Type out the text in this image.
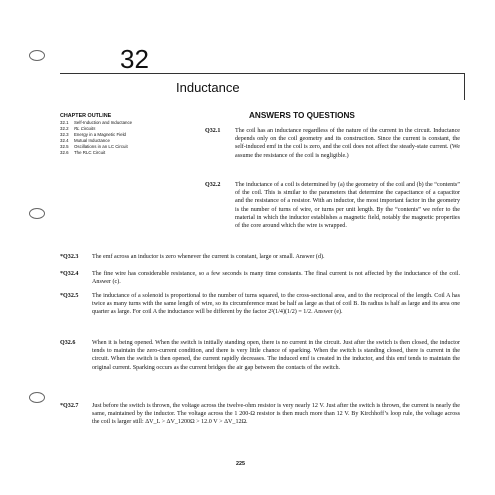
32
Inductance
CHAPTER OUTLINE
32.1	Self-Induction and Inductance
32.2	RL Circuits
32.3	Energy in a Magnetic Field
32.4	Mutual Inductance
32.5	Oscillations in an LC Circuit
32.6	The RLC Circuit
ANSWERS TO QUESTIONS
Q32.1 The coil has an inductance regardless of the nature of the current in the circuit. Inductance depends only on the coil geometry and its construction. Since the current is constant, the self-induced emf in the coil is zero, and the coil does not affect the steady-state current. (We assume the resistance of the coil is negligible.)
Q32.2 The inductance of a coil is determined by (a) the geometry of the coil and (b) the “contents” of the coil. This is similar to the parameters that determine the capacitance of a capacitor and the resistance of a resistor. With an inductor, the most important factor in the geometry is the number of turns of wire, or turns per unit length. By the “contents” we refer to the material in which the inductor establishes a magnetic field, notably the magnetic properties of the core around which the wire is wrapped.
*Q32.3 The emf across an inductor is zero whenever the current is constant, large or small. Answer (d).
*Q32.4 The fine wire has considerable resistance, so a few seconds is many time constants. The final current is not affected by the inductance of the coil. Answer (c).
*Q32.5 The inductance of a solenoid is proportional to the number of turns squared, to the cross-sectional area, and to the reciprocal of the length. Coil A has twice as many turns with the same length of wire, so its circumference must be half as large as that of coil B. Its radius is half as large and its area one quarter as large. For coil A the inductance will be different by the factor 2²(1/4)(1/2) = 1/2. Answer (e).
Q32.6	When it is being opened. When the switch is initially standing open, there is no current in the circuit. Just after the switch is then closed, the inductor tends to maintain the zero-current condition, and there is very little chance of sparking. When the switch is standing closed, there is current in the circuit. When the switch is then opened, the current rapidly decreases. The induced emf is created in the inductor, and this emf tends to maintain the original current. Sparking occurs as the current bridges the air gap between the contacts of the switch.
*Q32.7 Just before the switch is thrown, the voltage across the twelve-ohm resistor is very nearly 12 V. Just after the switch is thrown, the current is nearly the same, maintained by the inductor. The voltage across the 1 200-Ω resistor is then much more than 12 V. By Kirchhoff’s loop rule, the voltage across the coil is larger still: ΔV_L > ΔV_1200Ω > 12.0 V > ΔV_12Ω.
225
